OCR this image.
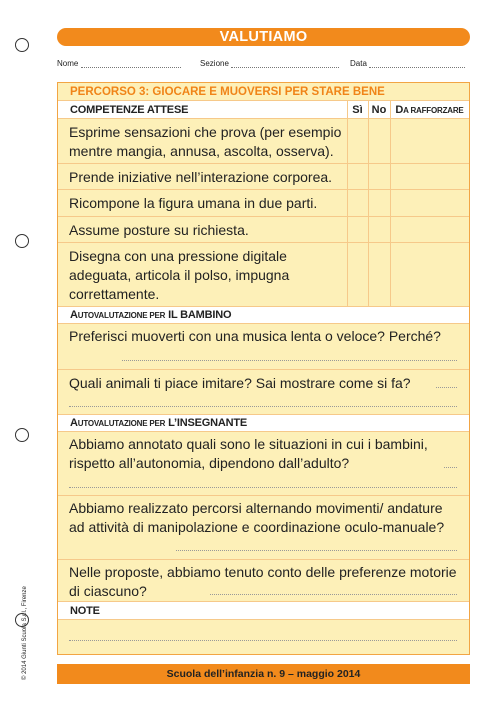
VALUTIAMO
Nome	Sezione	Data
PERCORSO 3: GIOCARE E MUOVERSI PER STARE BENE
COMPETENZE ATTESE	Sì No DA RAFFORZARE
Esprime sensazioni che prova (per esempio mentre mangia, annusa, ascolta, osserva).
Prende iniziative nell’interazione corporea.
Ricompone la figura umana in due parti.
Assume posture su richiesta.
Disegna con una pressione digitale adeguata, articola il polso, impugna correttamente.
AUTOVALUTAZIONE PER IL BAMBINO
Preferisci muoverti con una musica lenta o veloce? Perché?
Quali animali ti piace imitare? Sai mostrare come si fa?
AUTOVALUTAZIONE PER L’INSEGNANTE
Abbiamo annotato quali sono le situazioni in cui i bambini, rispetto all’autonomia, dipendono dall’adulto?
Abbiamo realizzato percorsi alternando movimenti/ andature ad attività di manipolazione e coordinazione oculo-manuale?
Nelle proposte, abbiamo tenuto conto delle preferenze motorie di ciascuno?
NOTE
Scuola dell’infanzia n. 9 – maggio 2014
© 2014 Giunti Scuola S.r.l., Firenze
